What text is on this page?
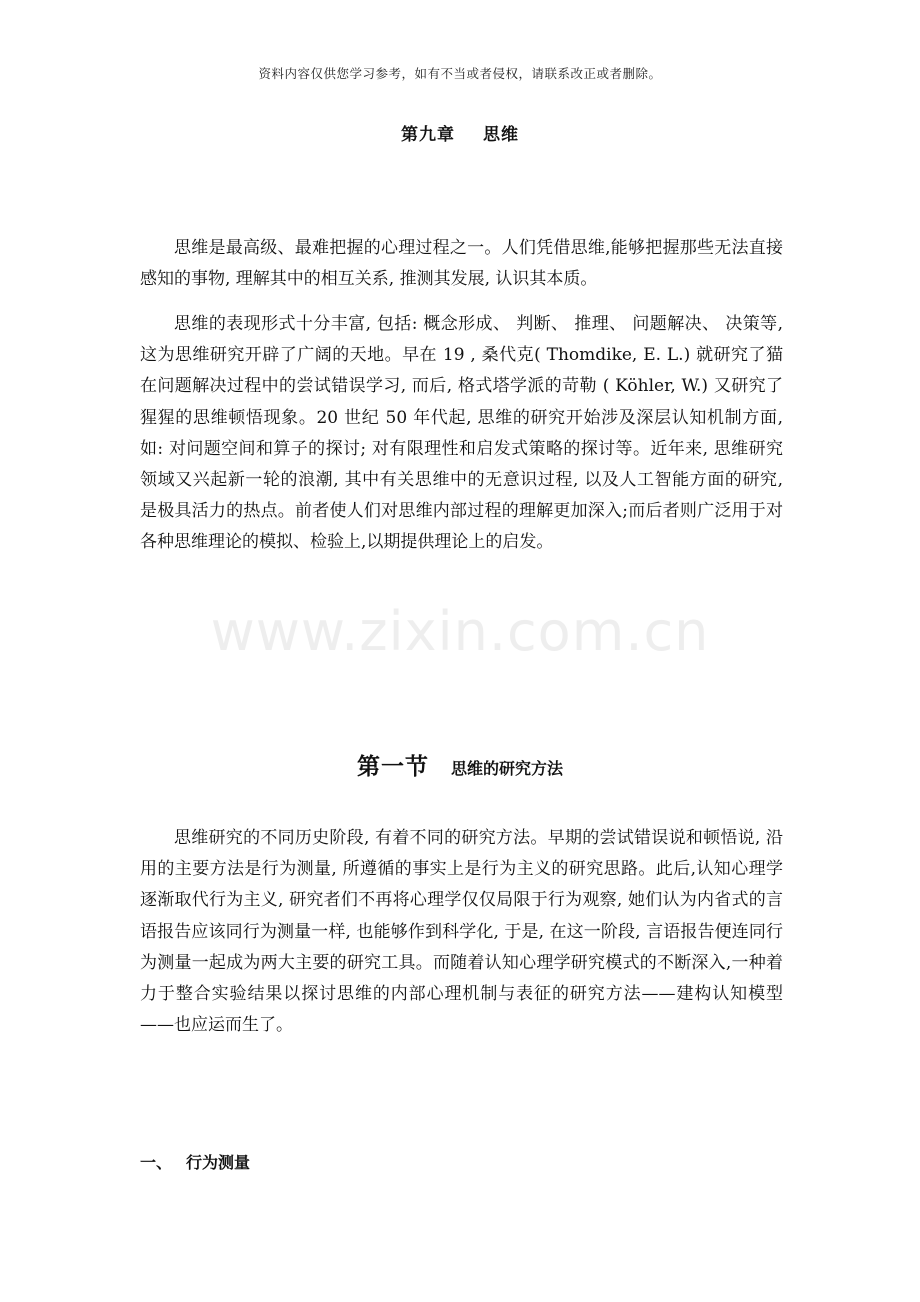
资料内容仅供您学习参考，如有不当或者侵权，请联系改正或者删除。
第九章 思维

思维是最高级、最难把握的心理过程之一。人们凭借思维,能够把握那些无法直接感知的事物, 理解其中的相互关系, 推测其发展, 认识其本质。

思维的表现形式十分丰富, 包括: 概念形成、 判断、 推理、 问题解决、 决策等, 这为思维研究开辟了广阔的天地。早在 19 , 桑代克( Thomdike, E. L.) 就研究了猫在问题解决过程中的尝试错误学习, 而后, 格式塔学派的苛勒 ( Köhler, W.) 又研究了猩猩的思维顿悟现象。20 世纪 50 年代起, 思维的研究开始涉及深层认知机制方面, 如: 对问题空间和算子的探讨; 对有限理性和启发式策略的探讨等。近年来, 思维研究领域又兴起新一轮的浪潮, 其中有关思维中的无意识过程, 以及人工智能方面的研究, 是极具活力的热点。前者使人们对思维内部过程的理解更加深入;而后者则广泛用于对各种思维理论的模拟、检验上,以期提供理论上的启发。

www.zixin.com.cn
第一节 思维的研究方法

思维研究的不同历史阶段, 有着不同的研究方法。早期的尝试错误说和顿悟说, 沿用的主要方法是行为测量, 所遵循的事实上是行为主义的研究思路。此后,认知心理学逐渐取代行为主义, 研究者们不再将心理学仅仅局限于行为观察, 她们认为内省式的言语报告应该同行为测量一样, 也能够作到科学化, 于是, 在这一阶段, 言语报告便连同行为测量一起成为两大主要的研究工具。而随着认知心理学研究模式的不断深入,一种着力于整合实验结果以探讨思维的内部心理机制与表征的研究方法——建构认知模型——也应运而生了。

一、 行为测量
